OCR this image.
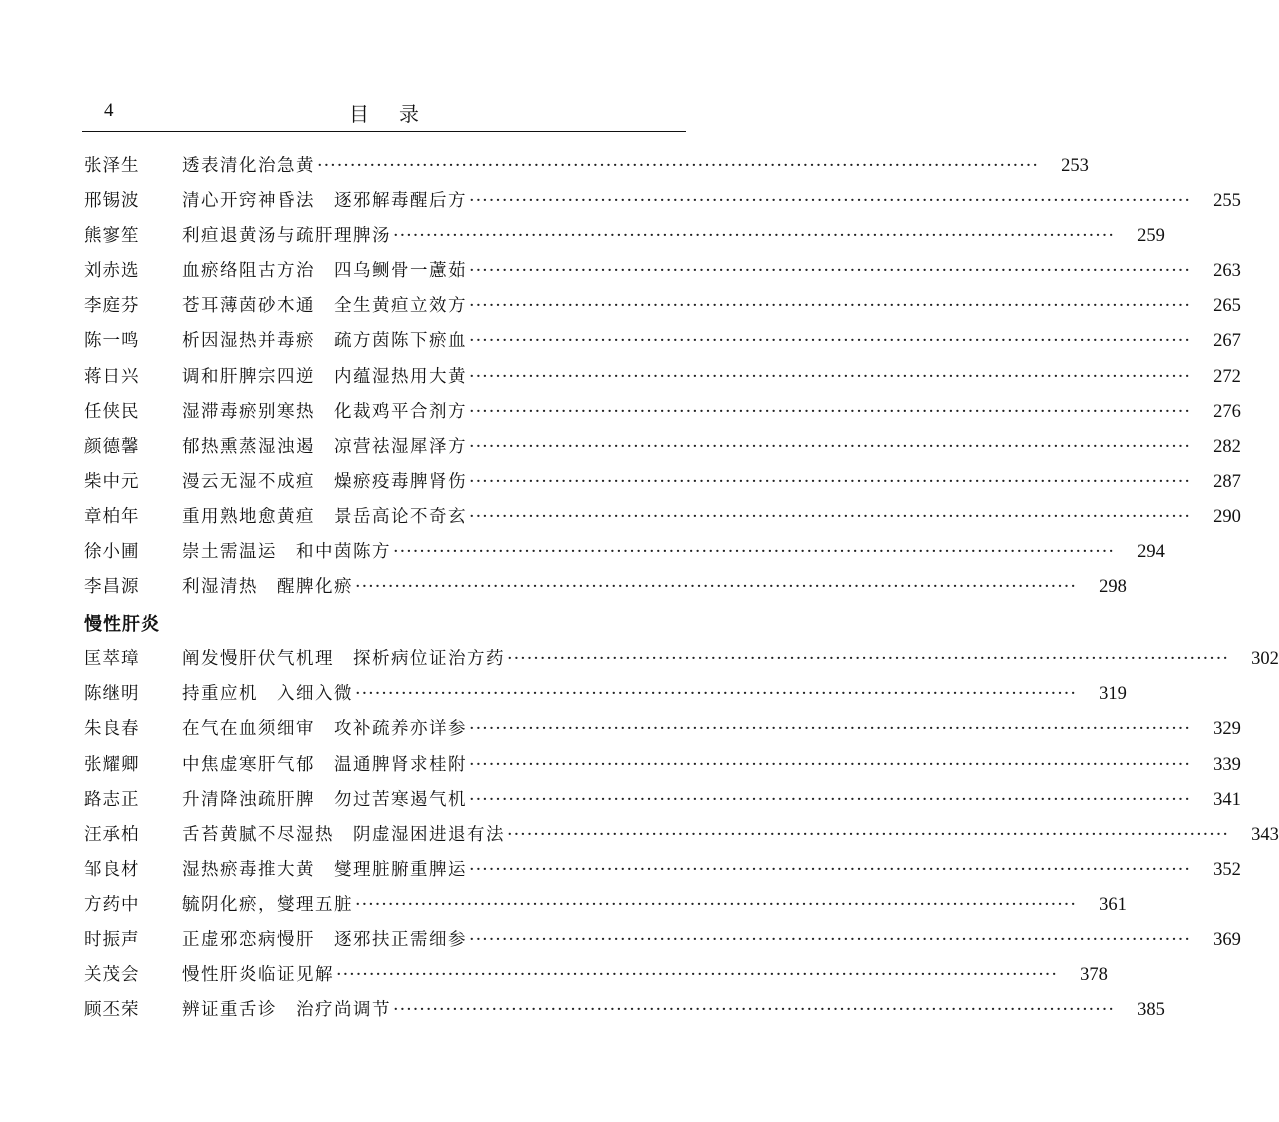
4	目录
张泽生	透表清化治急黄 ·····	253
邢锡波	清心开窍神昏法　逐邪解毒醒后方 ·····	255
熊寥笙	利疸退黄汤与疏肝理脾汤 ·····	259
刘赤选	血瘀络阻古方治　四乌鲗骨一藘茹 ·····	263
李庭芬	苍耳薄茵砂木通　全生黄疸立效方 ·····	265
陈一鸣	析因湿热并毒瘀　疏方茵陈下瘀血 ·····	267
蒋日兴	调和肝脾宗四逆　内蕴湿热用大黄 ·····	272
任侠民	湿滞毒瘀别寒热　化裁鸡平合剂方 ·····	276
颜德馨	郁热熏蒸湿浊遏　凉营祛湿犀泽方 ·····	282
柴中元	漫云无湿不成疸　燥瘀疫毒脾肾伤 ·····	287
章柏年	重用熟地愈黄疸　景岳高论不奇玄 ·····	290
徐小圃	崇土需温运　和中茵陈方 ·····	294
李昌源	利湿清热　醒脾化瘀 ·····	298
慢性肝炎
匡萃璋	阐发慢肝伏气机理　探析病位证治方药 ·····	302
陈继明	持重应机　入细入微 ·····	319
朱良春	在气在血须细审　攻补疏养亦详参 ·····	329
张耀卿	中焦虚寒肝气郁　温通脾肾求桂附 ·····	339
路志正	升清降浊疏肝脾　勿过苦寒遏气机 ·····	341
汪承柏	舌苔黄腻不尽湿热　阴虚湿困进退有法 ·····	343
邹良材	湿热瘀毒推大黄　燮理脏腑重脾运 ·····	352
方药中	毓阴化瘀，燮理五脏 ·····	361
时振声	正虚邪恋病慢肝　逐邪扶正需细参 ·····	369
关茂会	慢性肝炎临证见解 ·····	378
顾丕荣	辨证重舌诊　治疗尚调节 ·····	385
